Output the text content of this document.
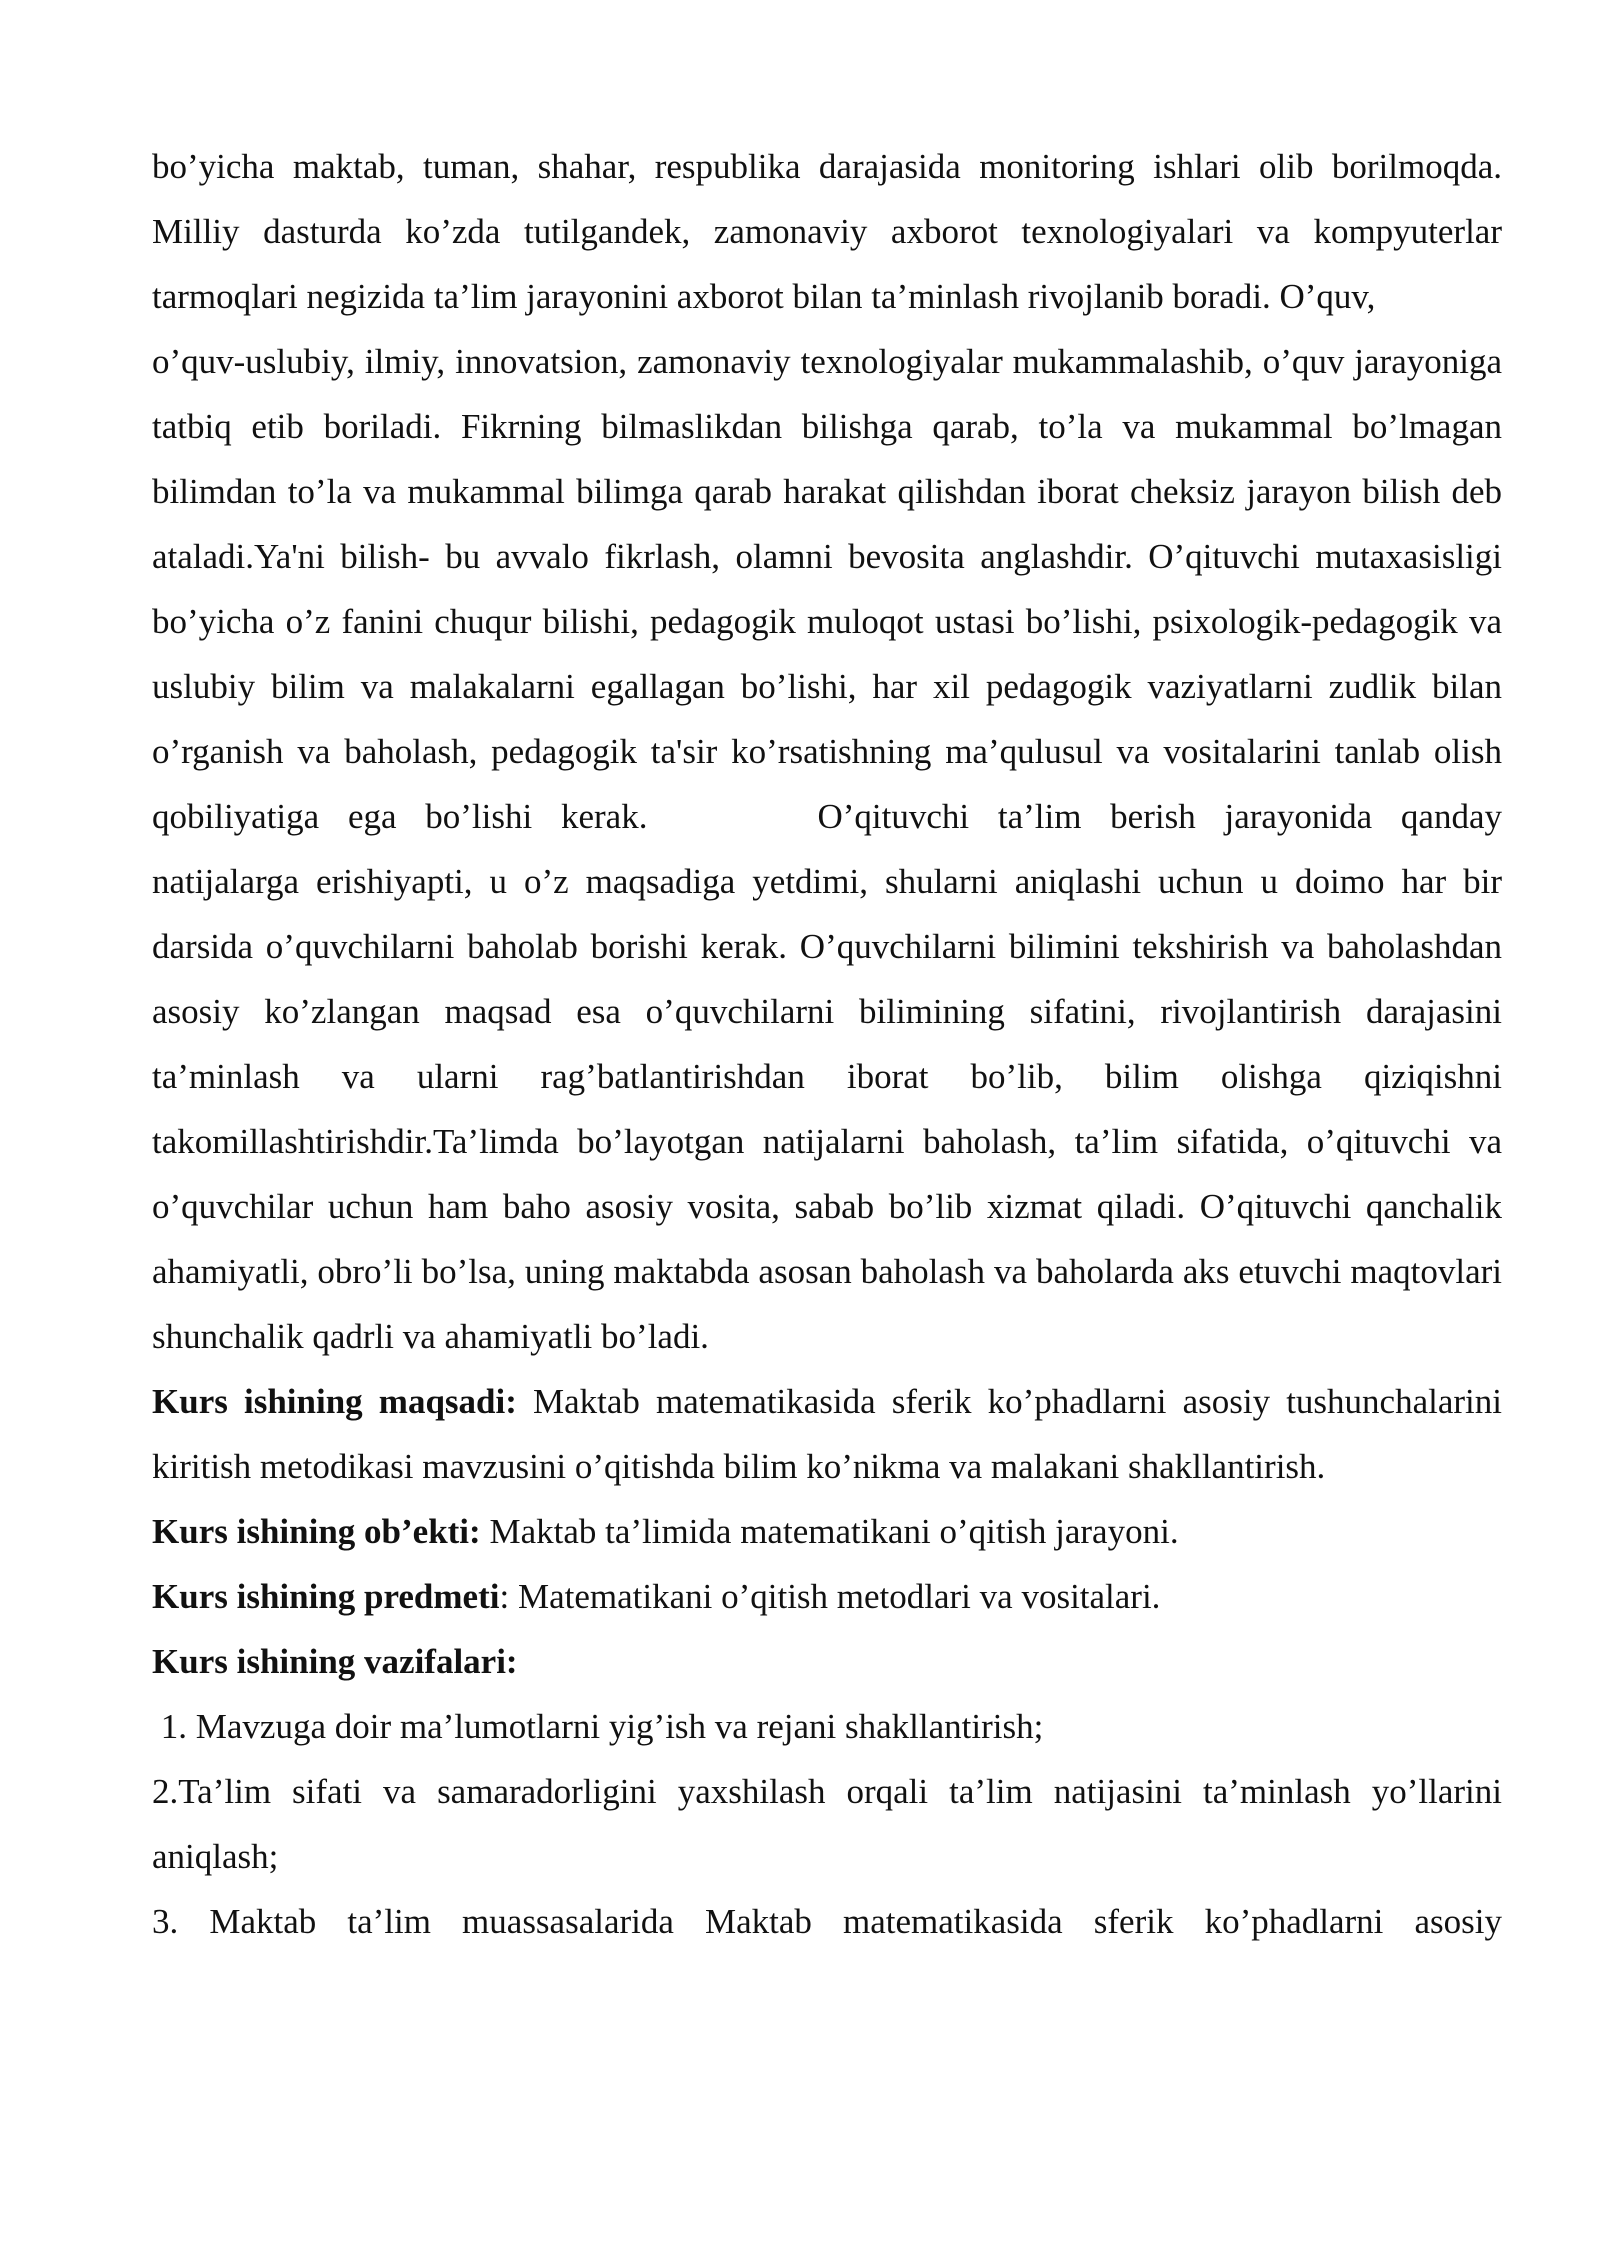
bo’yicha maktab, tuman, shahar, respublika darajasida monitoring ishlari olib borilmoqda. Milliy dasturda ko’zda tutilgandek, zamonaviy axborot texnologiyalari va kompyuterlar tarmoqlari negizida ta’lim jarayonini axborot bilan ta’minlash rivojlanib boradi. O’quv,

o’quv-uslubiy, ilmiy, innovatsion, zamonaviy texnologiyalar mukammalashib, o’quv jarayoniga tatbiq etib boriladi. Fikrning bilmaslikdan bilishga qarab, to’la va mukammal bo’lmagan bilimdan to’la va mukammal bilimga qarab harakat qilishdan iborat cheksiz jarayon bilish deb ataladi.Ya'ni bilish- bu avvalo fikrlash, olamni bevosita anglashdir. O’qituvchi mutaxasisligi bo’yicha o’z fanini chuqur bilishi, pedagogik muloqot ustasi bo’lishi, psixologik-pedagogik va uslubiy bilim va malakalarni egallagan bo’lishi, har xil pedagogik vaziyatlarni zudlik bilan o’rganish va baholash, pedagogik ta'sir ko’rsatishning ma’qulusul va vositalarini tanlab olish qobiliyatiga ega bo’lishi kerak.	O’qituvchi ta’lim berish jarayonida qanday natijalarga erishiyapti, u o’z maqsadiga yetdimi, shularni aniqlashi uchun u doimo har bir darsida o’quvchilarni baholab borishi kerak. O’quvchilarni bilimini tekshirish va baholashdan asosiy ko’zlangan maqsad esa o’quvchilarni bilimining sifatini, rivojlantirish darajasini ta’minlash va ularni rag’batlantirishdan iborat bo’lib, bilim olishga qiziqishni takomillashtirishdir.Ta’limda bo’layotgan natijalarni baholash, ta’lim sifatida, o’qituvchi va o’quvchilar uchun ham baho asosiy vosita, sabab bo’lib xizmat qiladi. O’qituvchi qanchalik ahamiyatli, obro’li bo’lsa, uning maktabda asosan baholash va baholarda aks etuvchi maqtovlari shunchalik qadrli va ahamiyatli bo’ladi.

Kurs ishining maqsadi: Maktab matematikasida sferik ko’phadlarni asosiy tushunchalarini kiritish metodikasi mavzusini o’qitishda bilim ko’nikma va malakani shakllantirish.

Kurs ishining ob’ekti: Maktab ta’limida matematikani o’qitish jarayoni.

Kurs ishining predmeti: Matematikani o’qitish metodlari va vositalari.

Kurs ishining vazifalari:

1. Mavzuga doir ma’lumotlarni yig’ish va rejani shakllantirish;

2.Ta’lim sifati va samaradorligini yaxshilash orqali ta’lim natijasini ta’minlash yo’llarini aniqlash;

3. Maktab ta’lim muassasalarida Maktab matematikasida sferik ko’phadlarni asosiy
